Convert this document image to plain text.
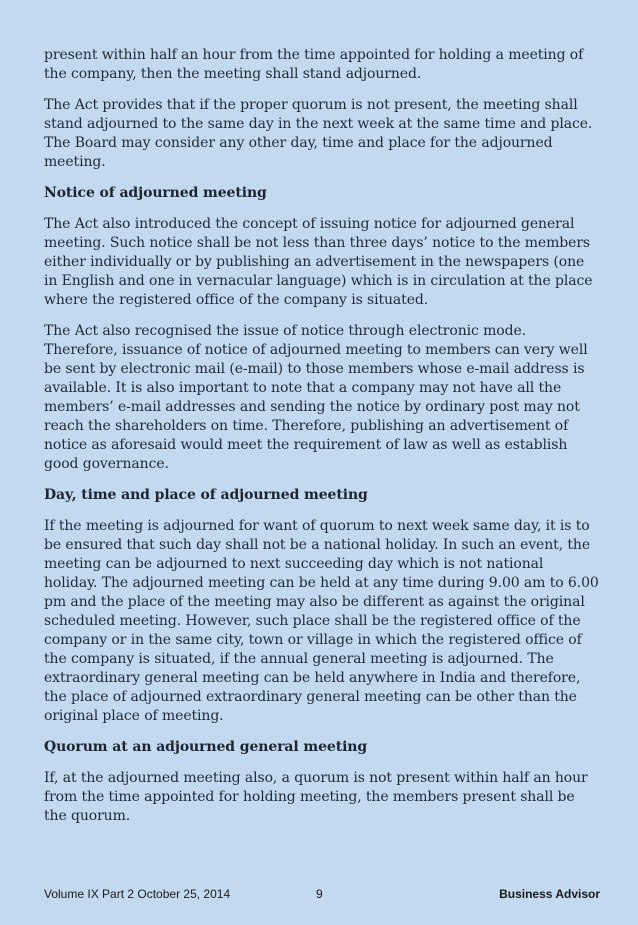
present within half an hour from the time appointed for holding a meeting of the company, then the meeting shall stand adjourned.

The Act provides that if the proper quorum is not present, the meeting shall stand adjourned to the same day in the next week at the same time and place. The Board may consider any other day, time and place for the adjourned meeting.

Notice of adjourned meeting

The Act also introduced the concept of issuing notice for adjourned general meeting. Such notice shall be not less than three days’ notice to the members either individually or by publishing an advertisement in the newspapers (one in English and one in vernacular language) which is in circulation at the place where the registered office of the company is situated.

The Act also recognised the issue of notice through electronic mode. Therefore, issuance of notice of adjourned meeting to members can very well be sent by electronic mail (e-mail) to those members whose e-mail address is available. It is also important to note that a company may not have all the members’ e-mail addresses and sending the notice by ordinary post may not reach the shareholders on time. Therefore, publishing an advertisement of notice as aforesaid would meet the requirement of law as well as establish good governance.

Day, time and place of adjourned meeting

If the meeting is adjourned for want of quorum to next week same day, it is to be ensured that such day shall not be a national holiday. In such an event, the meeting can be adjourned to next succeeding day which is not national holiday. The adjourned meeting can be held at any time during 9.00 am to 6.00 pm and the place of the meeting may also be different as against the original scheduled meeting. However, such place shall be the registered office of the company or in the same city, town or village in which the registered office of the company is situated, if the annual general meeting is adjourned. The extraordinary general meeting can be held anywhere in India and therefore, the place of adjourned extraordinary general meeting can be other than the original place of meeting.

Quorum at an adjourned general meeting

If, at the adjourned meeting also, a quorum is not present within half an hour from the time appointed for holding meeting, the members present shall be the quorum.

Volume IX Part 2 October 25, 2014	9	Business Advisor
